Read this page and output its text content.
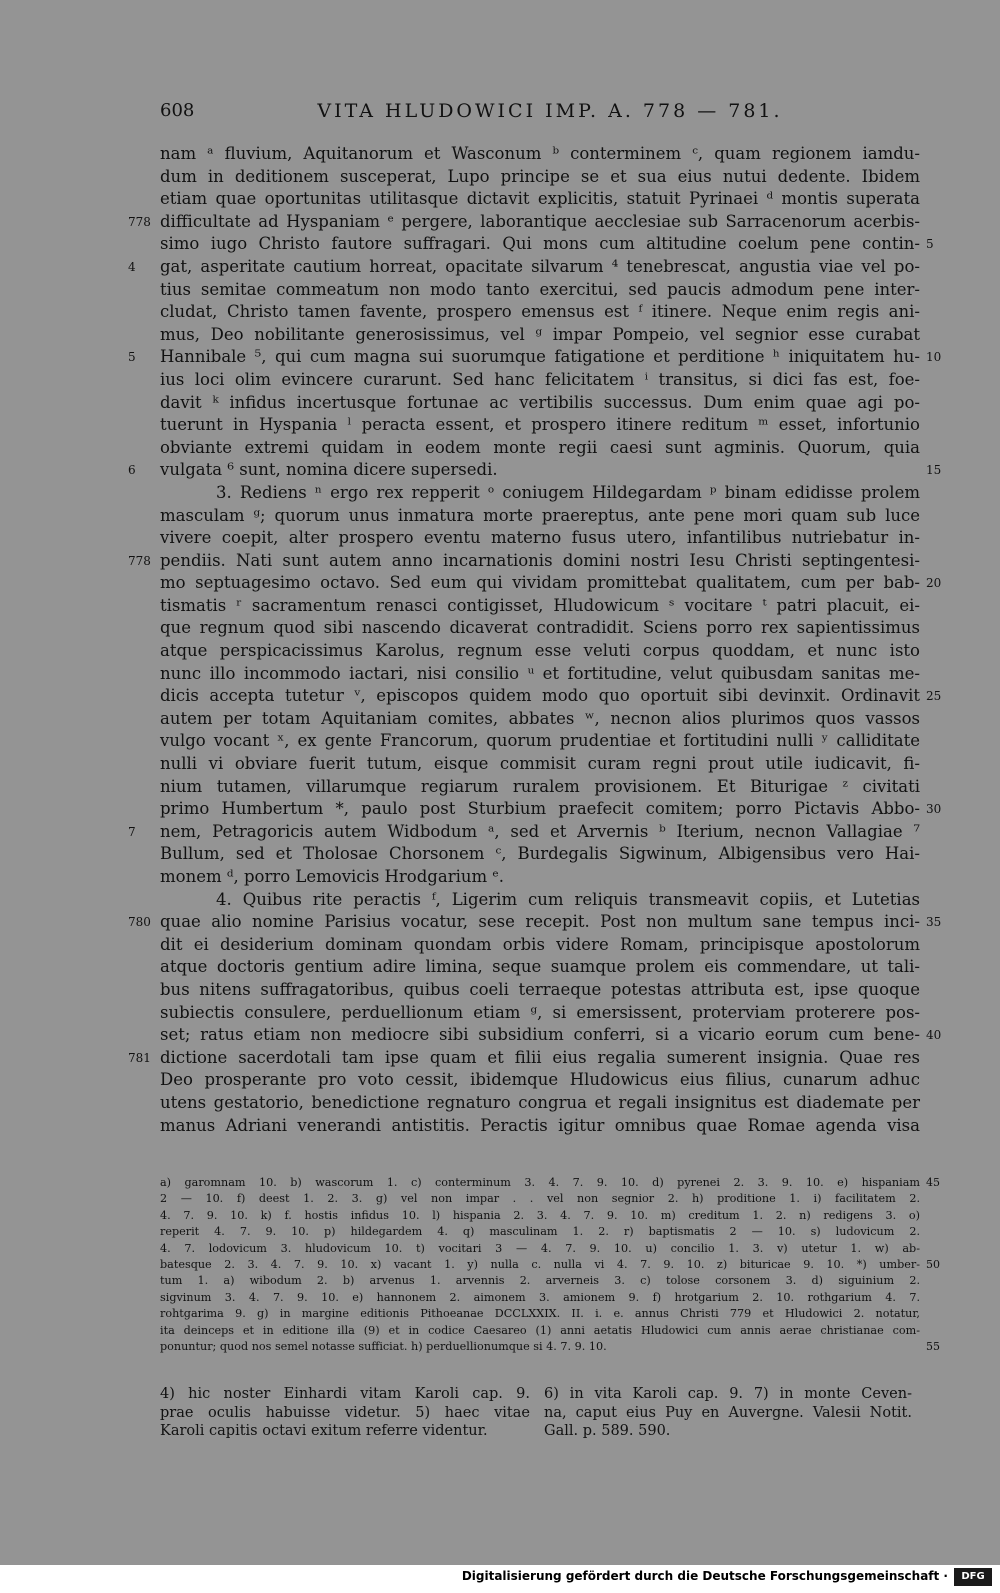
608	VITA HLUDOWICI IMP. A. 778 — 781.
nam ᵃ fluvium, Aquitanorum et Wasconum ᵇ conterminem ᶜ, quam regionem iamdu-
dum in deditionem susceperat, Lupo principe se et sua eius nutui dedente. Ibidem
etiam quae oportunitas utilitasque dictavit explicitis, statuit Pyrinaei ᵈ montis superata
difficultate ad Hyspaniam ᵉ pergere, laborantique aecclesiae sub Sarracenorum acerbis-
778
simo iugo Christo fautore suffragari. Qui mons cum altitudine coelum pene contin- 5
gat, asperitate cautium horreat, opacitate silvarum ⁴ tenebrescat, angustia viae vel po-
4
tius semitae commeatum non modo tanto exercitui, sed paucis admodum pene inter-
cludat, Christo tamen favente, prospero emensus est ᶠ itinere. Neque enim regis ani-
mus, Deo nobilitante generosissimus, vel ᵍ impar Pompeio, vel segnior esse curabat
Hannibale ⁵, qui cum magna sui suorumque fatigatione et perditione ʰ iniquitatem hu-
5	10
ius loci olim evincere curarunt. Sed hanc felicitatem ⁱ transitus, si dici fas est, foe-
davit ᵏ infidus incertusque fortunae ac vertibilis successus. Dum enim quae agi po-
tuerunt in Hyspania ˡ peracta essent, et prospero itinere reditum ᵐ esset, infortunio
obviante extremi quidam in eodem monte regii caesi sunt agminis. Quorum, quia
vulgata ⁶ sunt, nomina dicere supersedi.
6	15
3. Rediens ⁿ ergo rex repperit ᵒ coniugem Hildegardam ᵖ binam edidisse prolem
masculam ᵍ; quorum unus inmatura morte praereptus, ante pene mori quam sub luce
vivere coepit, alter prospero eventu materno fusus utero, infantilibus nutriebatur in-
pendiis. Nati sunt autem anno incarnationis domini nostri Iesu Christi septingentesi-
778
mo septuagesimo octavo. Sed eum qui vividam promittebat qualitatem, cum per bab- 20
tismatis ʳ sacramentum renasci contigisset, Hludowicum ˢ vocitare ᵗ patri placuit, ei-
que regnum quod sibi nascendo dicaverat contradidit. Sciens porro rex sapientissimus
atque perspicacissimus Karolus, regnum esse veluti corpus quoddam, et nunc isto
nunc illo incommodo iactari, nisi consilio ᵘ et fortitudine, velut quibusdam sanitas me-
dicis accepta tutetur ᵛ, episcopos quidem modo quo oportuit sibi devinxit. Ordinavit 25
autem per totam Aquitaniam comites, abbates ʷ, necnon alios plurimos quos vassos
vulgo vocant ˣ, ex gente Francorum, quorum prudentiae et fortitudini nulli ʸ calliditate
nulli vi obviare fuerit tutum, eisque commisit curam regni prout utile iudicavit, fi-
nium tutamen, villarumque regiarum ruralem provisionem. Et Biturigae ᶻ civitati
primo Humbertum *, paulo post Sturbium praefecit comitem; porro Pictavis Abbo- 30
nem, Petragoricis autem Widbodum ᵃ, sed et Arvernis ᵇ Iterium, necnon Vallagiae ⁷
7
Bullum, sed et Tholosae Chorsonem ᶜ, Burdegalis Sigwinum, Albigensibus vero Hai-
monem ᵈ, porro Lemovicis Hrodgarium ᵉ.
4. Quibus rite peractis ᶠ, Ligerim cum reliquis transmeavit copiis, et Lutetias
quae alio nomine Parisius vocatur, sese recepit. Post non multum sane tempus inci-
780	35
dit ei desiderium dominam quondam orbis videre Romam, principisque apostolorum
atque doctoris gentium adire limina, seque suamque prolem eis commendare, ut tali-
bus nitens suffragatoribus, quibus coeli terraeque potestas attributa est, ipse quoque
subiectis consulere, perduellionum etiam ᵍ, si emersissent, proterviam proterere pos-
set; ratus etiam non mediocre sibi subsidium conferri, si a vicario eorum cum bene- 40
dictione sacerdotali tam ipse quam et filii eius regalia sumerent insignia. Quae res
781
Deo prosperante pro voto cessit, ibidemque Hludowicus eius filius, cunarum adhuc
utens gestatorio, benedictione regnaturo congrua et regali insignitus est diademate per
manus Adriani venerandi antistitis. Peractis igitur omnibus quae Romae agenda visa
a) garomnam 10. b) wascorum 1. c) conterminum 3. 4. 7. 9. 10. d) pyrenei 2. 3. 9. 10. e) hispaniam 45
2 — 10. f) deest 1. 2. 3. g) vel non impar . . vel non segnior 2. h) proditione 1. i) facilitatem 2.
4. 7. 9. 10. k) f. hostis infidus 10. l) hispania 2. 3. 4. 7. 9. 10. m) creditum 1. 2. n) redigens 3. o)
reperit 4. 7. 9. 10. p) hildegardem 4. q) masculinam 1. 2. r) baptismatis 2 — 10. s) ludovicum 2.
4. 7. lodovicum 3. hludovicum 10. t) vocitari 3 — 4. 7. 9. 10. u) concilio 1. 3. v) utetur 1. w) ab-
batesque 2. 3. 4. 7. 9. 10. x) vacant 1. y) nulla c. nulla vi 4. 7. 9. 10. z) bituricae 9. 10. *) umber- 50
tum 1. a) wibodum 2. b) arvenus 1. arvennis 2. arverneis 3. c) tolose corsonem 3. d) siguinium 2.
sigvinum 3. 4. 7. 9. 10. e) hannonem 2. aimonem 3. amionem 9. f) hrotgarium 2. 10. rothgarium 4. 7.
rohtgarima 9. g) in margine editionis Pithoeanae DCCLXXIX. II. i. e. annus Christi 779 et Hludowici 2. notatur,
ita deinceps et in editione illa (9) et in codice Caesareo (1) anni aetatis Hludowici cum annis aerae christianae com-
ponuntur; quod nos semel notasse sufficiat. h) perduellionumque si 4. 7. 9. 10.	55
4) hic noster Einhardi vitam Karoli cap. 9. 6) in vita Karoli cap. 9. 7) in monte Ceven-
prae oculis habuisse videtur. 5) haec vitae na, caput eius Puy en Auvergne. Valesii Notit.
Karoli capitis octavi exitum referre videntur.	Gall. p. 589. 590.
Digitalisierung gefördert durch die Deutsche Forschungsgemeinschaft ·	DFG
